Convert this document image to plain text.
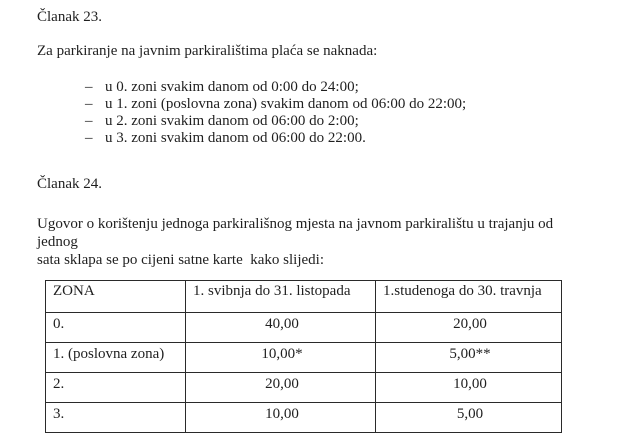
Članak 23.

Za parkiranje na javnim parkiralištima plaća se naknada:

– u 0. zoni svakim danom od 0:00 do 24:00;
– u 1. zoni (poslovna zona) svakim danom od 06:00 do 22:00;
– u 2. zoni svakim danom od 06:00 do 2:00;
– u 3. zoni svakim danom od 06:00 do 22:00.

Članak 24.

Ugovor o korištenju jednoga parkirališnog mjesta na javnom parkiralištu u trajanju od jednog
sata sklapa se po cijeni satne karte  kako slijedi:

ZONA	1. svibnja do 31. listopada	1.studenoga do 30. travnja
0.	40,00	20,00
1. (poslovna zona)	10,00*	5,00**
2.	20,00	10,00
3.	10,00	5,00
